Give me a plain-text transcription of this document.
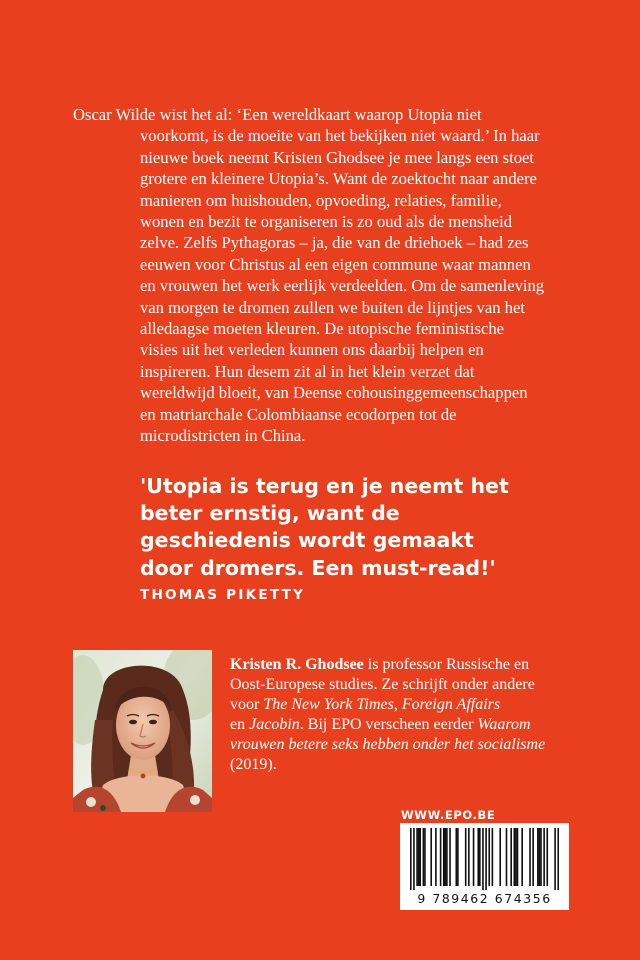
Oscar Wilde wist het al: ‘Een wereldkaart waarop Utopia niet
voorkomt, is de moeite van het bekijken niet waard.’ In haar
nieuwe boek neemt Kristen Ghodsee je mee langs een stoet
grotere en kleinere Utopia’s. Want de zoektocht naar andere
manieren om huishouden, opvoeding, relaties, familie,
wonen en bezit te organiseren is zo oud als de mensheid
zelve. Zelfs Pythagoras – ja, die van de driehoek – had zes
eeuwen voor Christus al een eigen commune waar mannen
en vrouwen het werk eerlijk verdeelden. Om de samenleving
van morgen te dromen zullen we buiten de lijntjes van het
alledaagse moeten kleuren. De utopische feministische
visies uit het verleden kunnen ons daarbij helpen en
inspireren. Hun desem zit al in het klein verzet dat
wereldwijd bloeit, van Deense cohousinggemeenschappen
en matriarchale Colombiaanse ecodorpen tot de
microdistricten in China.
'Utopia is terug en je neemt het
beter ernstig, want de
geschiedenis wordt gemaakt
door dromers. Een must-read!'
THOMAS PIKETTY
Kristen R. Ghodsee is professor Russische en
Oost-Europese studies. Ze schrijft onder andere
voor The New York Times, Foreign Affairs
en Jacobin. Bij EPO verscheen eerder Waarom
vrouwen betere seks hebben onder het socialisme
(2019).
WWW.EPO.BE
9 789462 674356
